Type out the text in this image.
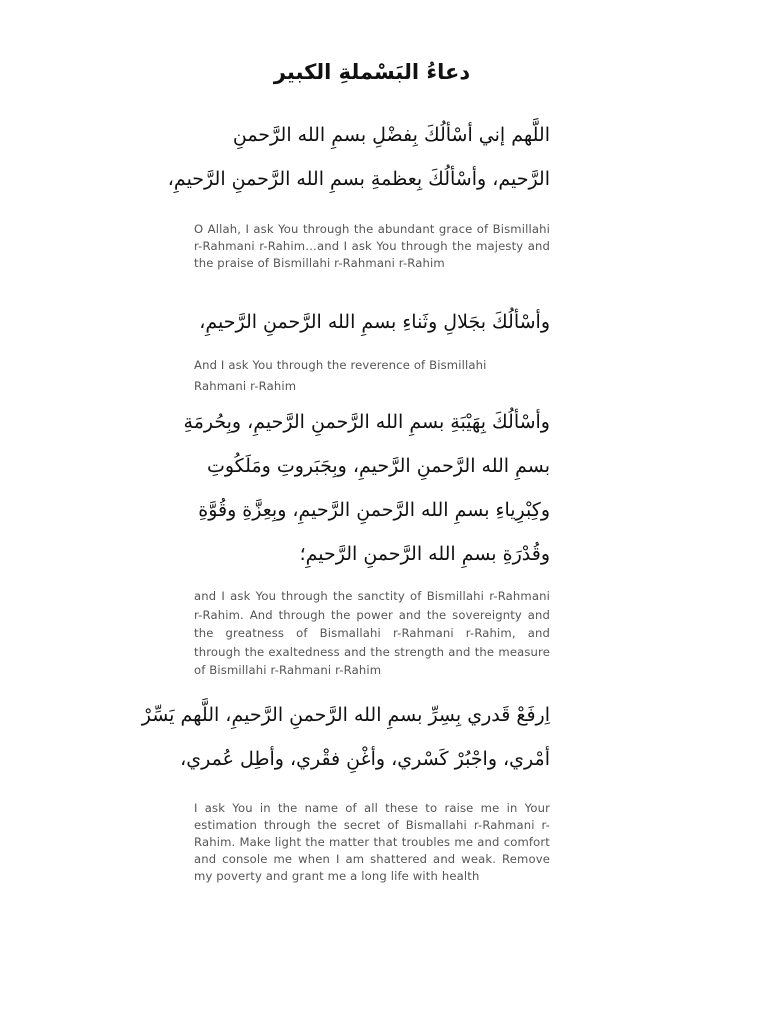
دعاءُ البَسْملةِ الكبير
اللَّهم إني أسْألُكَ بِفضْلِ بسمِ الله الرَّحمنِ
الرَّحيم، وأسْألُكَ بِعظمةِ بسمِ الله الرَّحمنِ الرَّحيمِ،

O Allah, I ask You through the abundant grace of Bismillahi r-Rahmani r-Rahim…and I ask You through the majesty and the praise of Bismillahi r-Rahmani r-Rahim

وأسْألُكَ بجَلالِ وثَناءِ بسمِ الله الرَّحمنِ الرَّحيمِ،

And I ask You through the reverence of Bismillahi Rahmani r-Rahim

وأسْألُكَ بِهَيْبَةِ بسمِ الله الرَّحمنِ الرَّحيمِ، وبِحُرمَةِ
بسمِ الله الرَّحمنِ الرَّحيمِ، وبِجَبَروتِ ومَلَكُوتِ
وكِبْرِياءِ بسمِ الله الرَّحمنِ الرَّحيمِ، وبِعِزَّةِ وقُوَّةِ
وقُدْرَةِ بسمِ الله الرَّحمنِ الرَّحيمِ؛

and I ask You through the sanctity of Bismillahi r-Rahmani r-Rahim. And through the power and the sovereignty and the greatness of Bismallahi r-Rahmani r-Rahim, and through the exaltedness and the strength and the measure of Bismillahi r-Rahmani r-Rahim

اِرفَعْ قَدري بِسِرِّ بسمِ الله الرَّحمنِ الرَّحيمِ، اللَّهم يَسِّرْ
أمْري، واجْبُرْ كَسْري، وأغْنِ فقْري، وأطِل عُمري،

I ask You in the name of all these to raise me in Your estimation through the secret of Bismallahi r-Rahmani r-Rahim. Make light the matter that troubles me and comfort and console me when I am shattered and weak. Remove my poverty and grant me a long life with health
